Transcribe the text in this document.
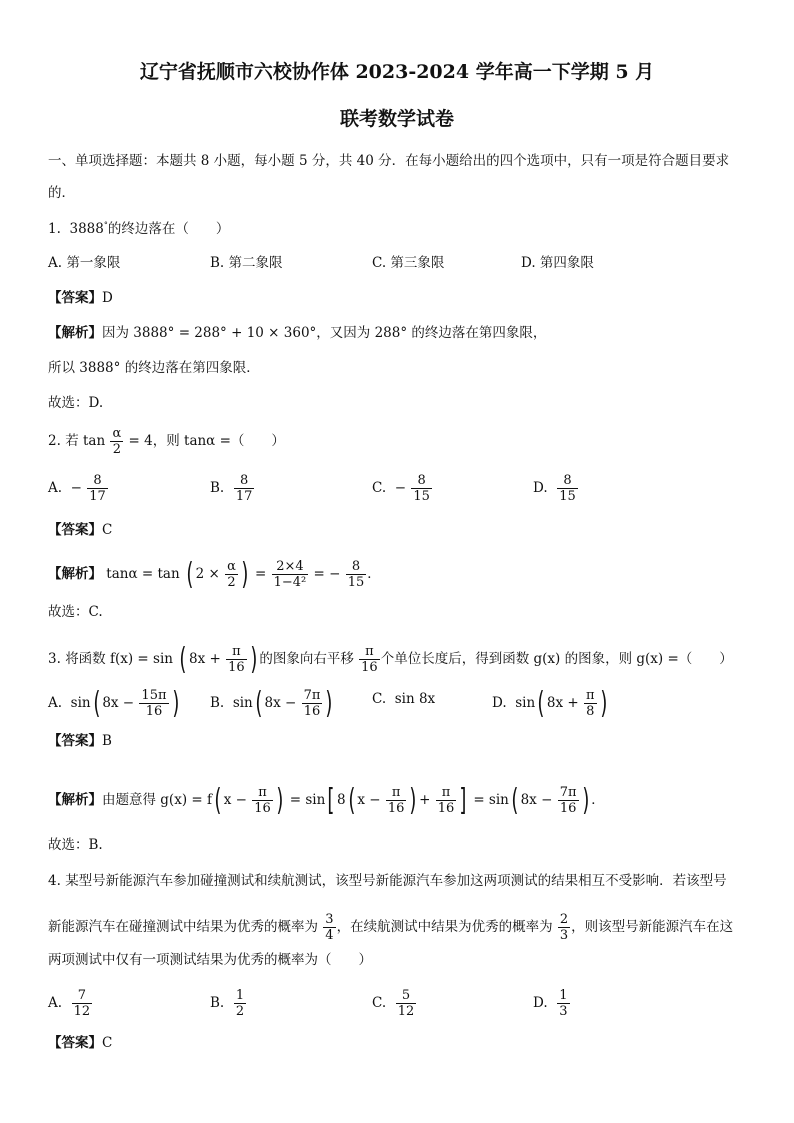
辽宁省抚顺市六校协作体 2023-2024 学年高一下学期 5 月
联考数学试卷
一、单项选择题：本题共 8 小题，每小题 5 分，共 40 分．在每小题给出的四个选项中，只有一项是符合题目要求
的．
1. 3888°的终边落在（　　）
A. 第一象限	B. 第二象限	C. 第三象限	D. 第四象限
【答案】D
【解析】因为 3888° = 288° + 10 × 360°，又因为 288° 的终边落在第四象限，
所以 3888° 的终边落在第四象限．
故选：D.
2. 若 $\tan \frac{\alpha}{2} = 4$，则 tanα =（　　）
A. − $\frac{8}{17}$	B. $\frac{8}{17}$	C. − $\frac{8}{15}$	D. $\frac{8}{15}$
【答案】C
【解析】 tanα = tan ( $2 \times \frac{\alpha}{2}$ ) = $\frac{2\times 4}{\text{1−4²}}$ = − $\frac{8}{15}$ ．
故选：C.
3. 将函数 f(x) = sin ( $8x + \frac{\pi}{16}$ ) 的图象向右平移 $\frac{\pi}{16}$ 个单位长度后，得到函数 g(x) 的图象，则 g(x) =（　　）
A. sin( $8x - \frac{15\pi}{16}$ ) B. sin( $8x - \frac{7\pi}{16}$ )	C. sin 8x	D. sin( $8x + \frac{\pi}{8}$ )
【答案】B
【解析】由题意得 g(x) = f( $x - \frac{\pi}{16}$ ) = sin[ 8( $x - \frac{\pi}{16}$ ) + $\frac{\pi}{16}$ ] = sin( $8x - \frac{7\pi}{16}$ ) ．
故选：B.
4. 某型号新能源汽车参加碰撞测试和续航测试，该型号新能源汽车参加这两项测试的结果相互不受影响．若该型号
新能源汽车在碰撞测试中结果为优秀的概率为 $\frac{3}{4}$ ，在续航测试中结果为优秀的概率为 $\frac{2}{3}$ ，则该型号新能源汽车在这
两项测试中仅有一项测试结果为优秀的概率为（　　）
A. $\frac{7}{12}$	B. $\frac{1}{2}$	C. $\frac{5}{12}$	D. $\frac{1}{3}$
【答案】C
